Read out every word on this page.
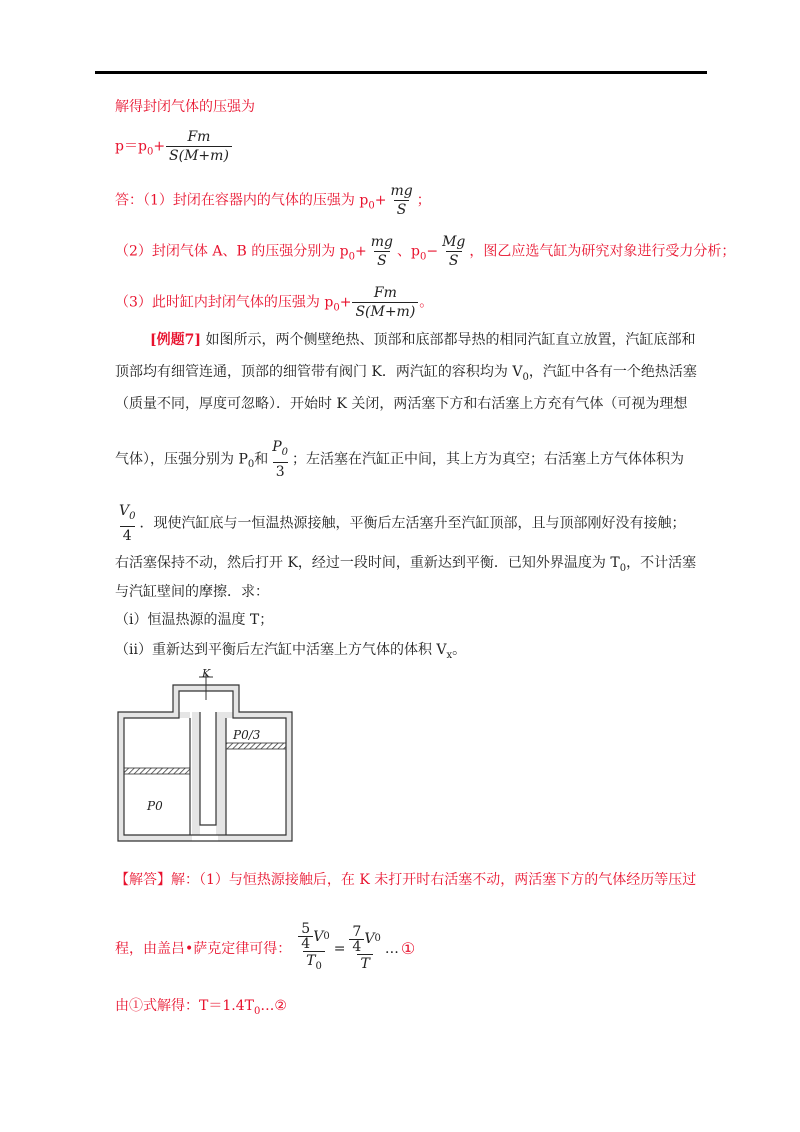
解得封闭气体的压强为
$p=p_0+ \frac{Fm}{S(M+m)}$
答：（1）封闭在容器内的气体的压强为 $p_0+ \frac{mg}{S}$ ；
（2）封闭气体 A、B 的压强分别为 $p_0+ \frac{mg}{S}$ 、$p_0- \frac{Mg}{S}$ ，图乙应选气缸为研究对象进行受力分析；
（3）此时缸内封闭气体的压强为 $p_0+ \frac{Fm}{S(M+m)}$ 。
[例题7] 如图所示，两个侧壁绝热、顶部和底部都导热的相同汽缸直立放置，汽缸底部和
顶部均有细管连通，顶部的细管带有阀门 K．两汽缸的容积均为 $V_0$，汽缸中各有一个绝热活塞
（质量不同，厚度可忽略）．开始时 K 关闭，两活塞下方和右活塞上方充有气体（可视为理想
气体），压强分别为 $P_0$和 $\frac{P_0}{3}$ ；左活塞在汽缸正中间，其上方为真空；右活塞上方气体体积为
$\frac{V_0}{4}$ ．现使汽缸底与一恒温热源接触，平衡后左活塞升至汽缸顶部，且与顶部刚好没有接触；
右活塞保持不动，然后打开 K，经过一段时间，重新达到平衡．已知外界温度为 $T_0$，不计活塞
与汽缸壁间的摩擦．求：
（i）恒温热源的温度 T；
（ii）重新达到平衡后左汽缸中活塞上方气体的体积 $V_x$。
K
P0/3
P0
【解答】解：（1）与恒热源接触后，在 K 未打开时右活塞不动，两活塞下方的气体经历等压过
程，由盖吕•萨克定律可得： $\frac{\frac{5}{4} V 0}{T_0} = \frac{\frac{7}{4} V 0}{T}$ … ①
由①式解得：$T=1.4T_0\dots ②$
